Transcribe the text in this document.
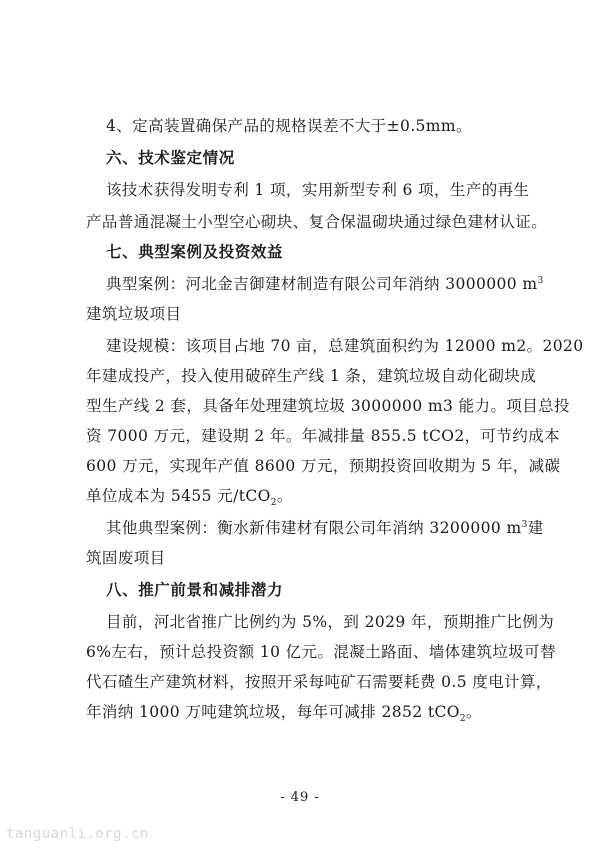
4、定高装置确保产品的规格误差不大于±0.5mm。
六、技术鉴定情况
该技术获得发明专利 1 项，实用新型专利 6 项，生产的再生
产品普通混凝土小型空心砌块、复合保温砌块通过绿色建材认证。
七、典型案例及投资效益
典型案例：河北金吉御建材制造有限公司年消纳 3000000 $m^3$
建筑垃圾项目
建设规模：该项目占地 70 亩，总建筑面积约为 12000 m2。2020
年建成投产，投入使用破碎生产线 1 条，建筑垃圾自动化砌块成
型生产线 2 套，具备年处理建筑垃圾 3000000 m3 能力。项目总投
资 7000 万元，建设期 2 年。年减排量 855.5 tCO2，可节约成本
600 万元，实现年产值 8600 万元，预期投资回收期为 5 年，减碳
单位成本为 5455 元/tCO$_2$。
其他典型案例：衡水新伟建材有限公司年消纳 3200000 $m^3$建
筑固废项目
八、推广前景和减排潜力
目前，河北省推广比例约为 5%，到 2029 年，预期推广比例为
6%左右，预计总投资额 10 亿元。混凝土路面、墙体建筑垃圾可替
代石碴生产建筑材料，按照开采每吨矿石需要耗费 0.5 度电计算，
年消纳 1000 万吨建筑垃圾，每年可减排 2852 tCO$_2$。
- 49 -
tanguanli.org.cn
